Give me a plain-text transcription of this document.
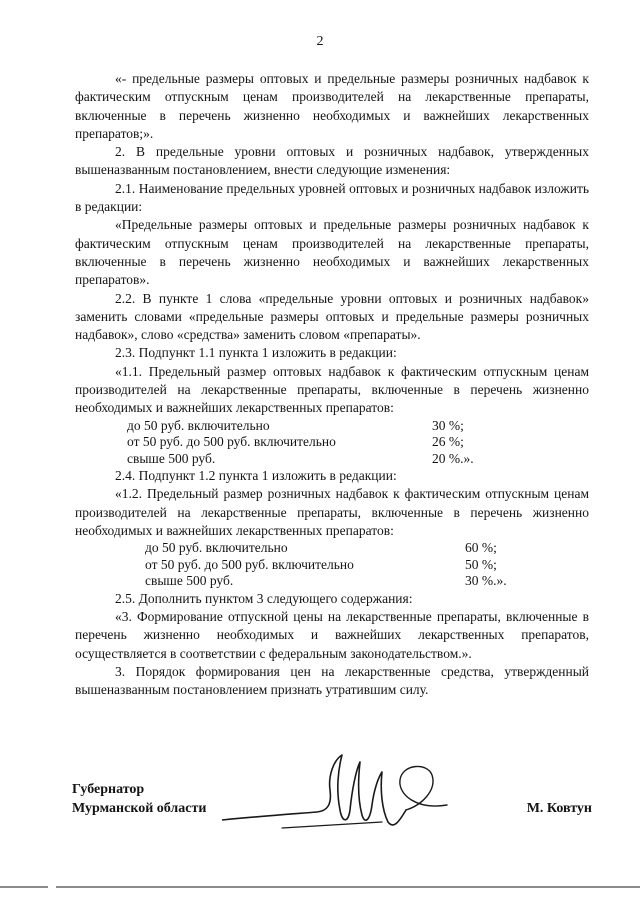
2

«- предельные размеры оптовых и предельные размеры розничных надбавок к фактическим отпускным ценам производителей на лекарственные препараты, включенные в перечень жизненно необходимых и важнейших лекарственных препаратов;».

2. В предельные уровни оптовых и розничных надбавок, утвержденных вышеназванным постановлением, внести следующие изменения:

2.1. Наименование предельных уровней оптовых и розничных надбавок изложить в редакции:

«Предельные размеры оптовых и предельные размеры розничных надбавок к фактическим отпускным ценам производителей на лекарственные препараты, включенные в перечень жизненно необходимых и важнейших лекарственных препаратов».

2.2. В пункте 1 слова «предельные уровни оптовых и розничных надбавок» заменить словами «предельные размеры оптовых и предельные размеры розничных надбавок», слово «средства» заменить словом «препараты».

2.3. Подпункт 1.1 пункта 1 изложить в редакции:

«1.1. Предельный размер оптовых надбавок к фактическим отпускным ценам производителей на лекарственные препараты, включенные в перечень жизненно необходимых и важнейших лекарственных препаратов:

до 50 руб. включительно	30 %;
от 50 руб. до 500 руб. включительно	26 %;
свыше 500 руб.	20 %.».

2.4. Подпункт 1.2 пункта 1 изложить в редакции:

«1.2. Предельный размер розничных надбавок к фактическим отпускным ценам производителей на лекарственные препараты, включенные в перечень жизненно необходимых и важнейших лекарственных препаратов:

до 50 руб. включительно	60 %;
от 50 руб. до 500 руб. включительно	50 %;
свыше 500 руб.	30 %.».

2.5. Дополнить пунктом 3 следующего содержания:

«3. Формирование отпускной цены на лекарственные препараты, включенные в перечень жизненно необходимых и важнейших лекарственных препаратов, осуществляется в соответствии с федеральным законодательством.».

3. Порядок формирования цен на лекарственные средства, утвержденный вышеназванным постановлением признать утратившим силу.

Губернатор
Мурманской области	М. Ковтун
